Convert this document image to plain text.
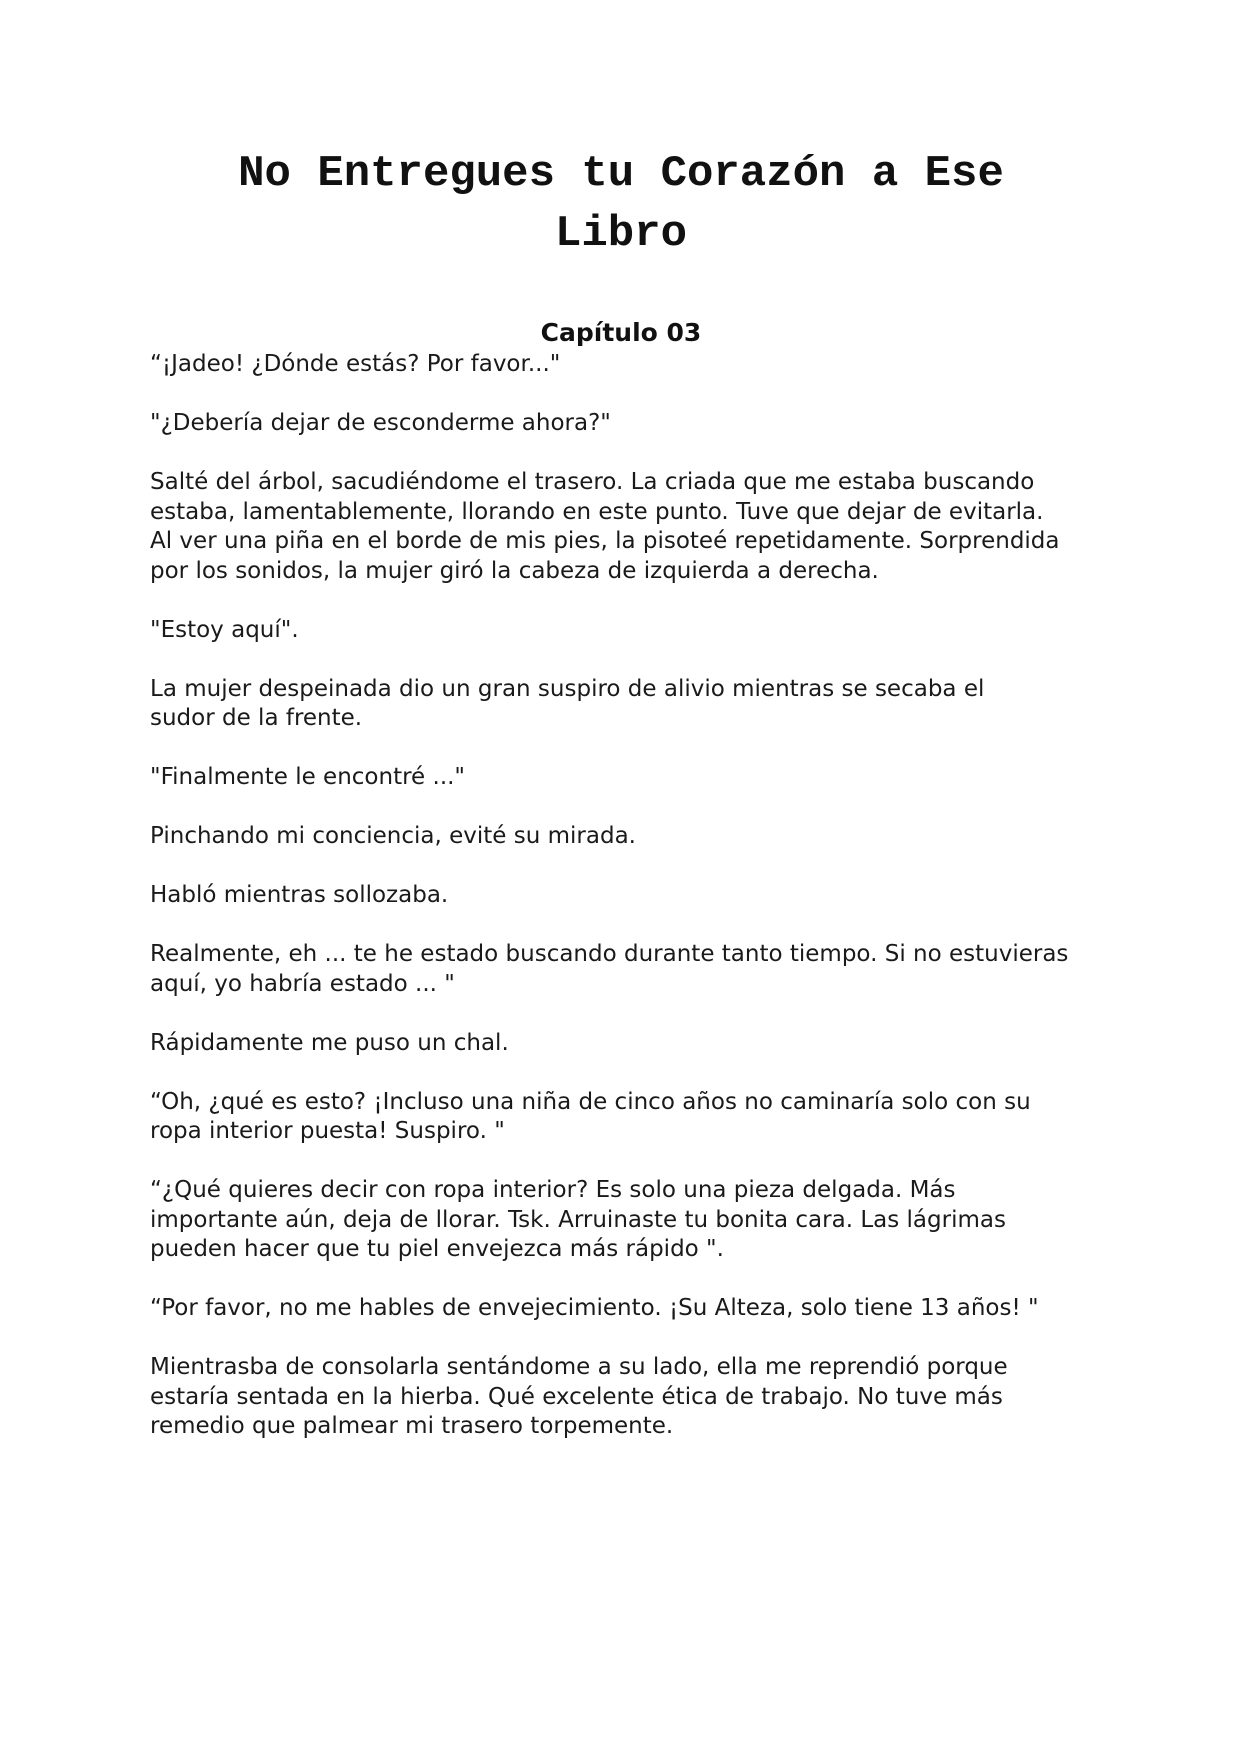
No Entregues tu Corazón a Ese
Libro
Capítulo 03

“¡Jadeo! ¿Dónde estás? Por favor..."

"¿Debería dejar de esconderme ahora?"

Salté del árbol, sacudiéndome el trasero. La criada que me estaba buscando
estaba, lamentablemente, llorando en este punto. Tuve que dejar de evitarla.
Al ver una piña en el borde de mis pies, la pisoteé repetidamente. Sorprendida
por los sonidos, la mujer giró la cabeza de izquierda a derecha.

"Estoy aquí".

La mujer despeinada dio un gran suspiro de alivio mientras se secaba el
sudor de la frente.

"Finalmente le encontré ..."

Pinchando mi conciencia, evité su mirada.

Habló mientras sollozaba.

Realmente, eh ... te he estado buscando durante tanto tiempo. Si no estuvieras
aquí, yo habría estado ... "

Rápidamente me puso un chal.

“Oh, ¿qué es esto? ¡Incluso una niña de cinco años no caminaría solo con su
ropa interior puesta! Suspiro. "

“¿Qué quieres decir con ropa interior? Es solo una pieza delgada. Más
importante aún, deja de llorar. Tsk. Arruinaste tu bonita cara. Las lágrimas
pueden hacer que tu piel envejezca más rápido ".

“Por favor, no me hables de envejecimiento. ¡Su Alteza, solo tiene 13 años! "

Mientrasba de consolarla sentándome a su lado, ella me reprendió porque
estaría sentada en la hierba. Qué excelente ética de trabajo. No tuve más
remedio que palmear mi trasero torpemente.
